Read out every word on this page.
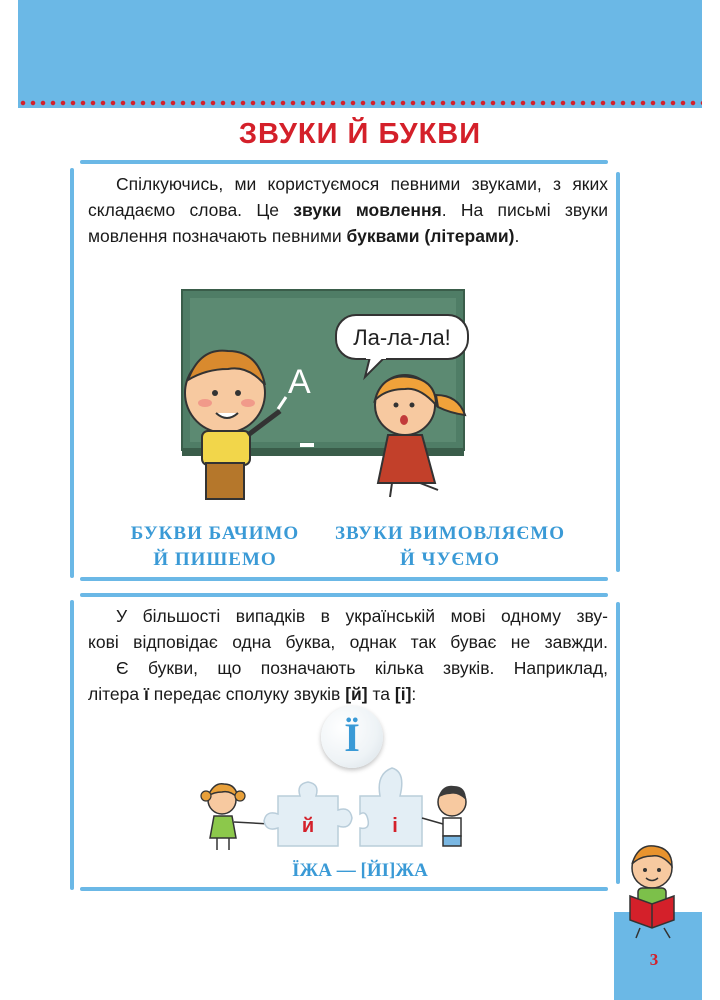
ЗВУКИ Й БУКВИ
Спілкуючись, ми користуємося певними звуками, з яких складаємо слова. Це звуки мовлення. На письмі звуки мовлення позначають певними буквами (літерами).
А
Ла-ла-ла!
БУКВИ БАЧИМО
Й ПИШЕМО
ЗВУКИ ВИМОВЛЯЄМО
Й ЧУЄМО
У більшості випадків в українській мові одному зву-
кові відповідає одна буква, однак так буває не завжди.
Є букви, що позначають кілька звуків. Наприклад,
літера ї передає сполуку звуків [й] та [і]:
Ї
й	і
ЇЖА — [ЙІ]ЖА
3
